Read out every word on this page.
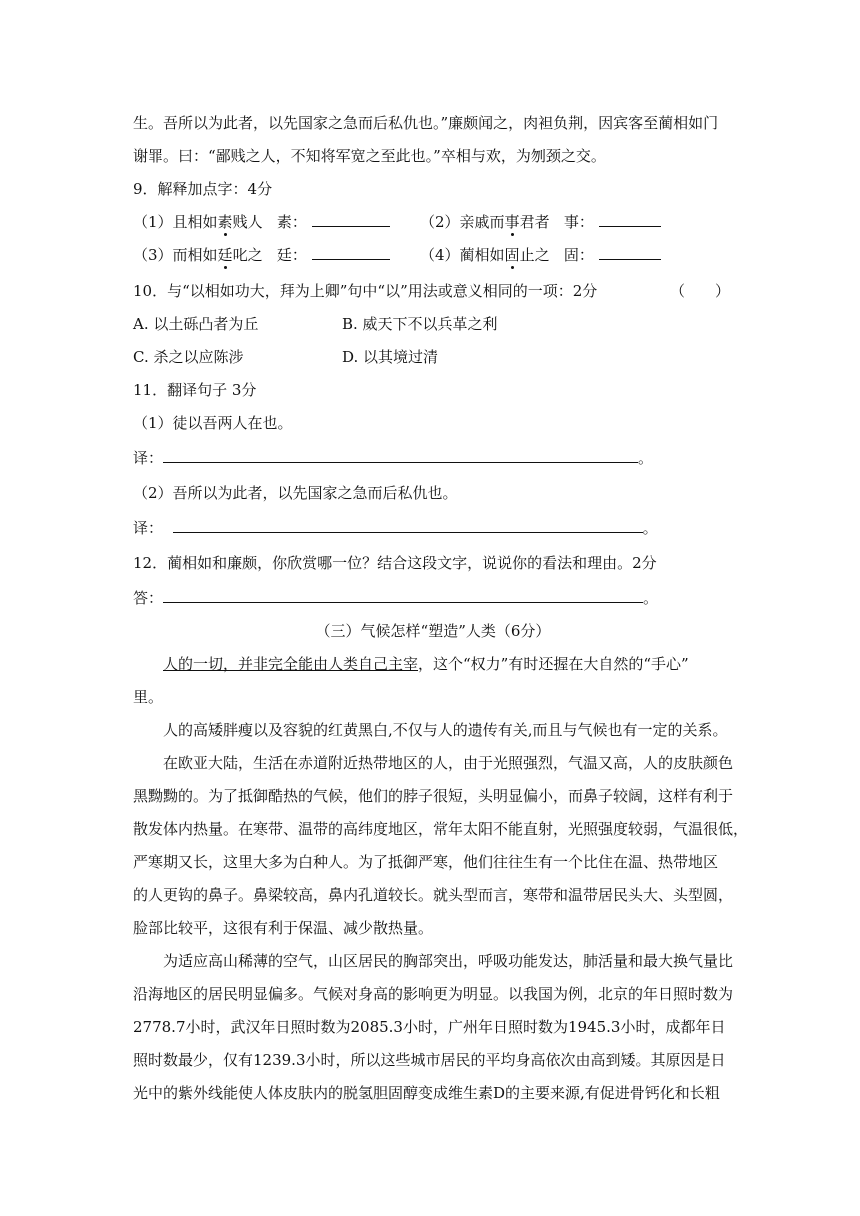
生。吾所以为此者，以先国家之急而后私仇也。”廉颇闻之，肉袒负荆，因宾客至蔺相如门
谢罪。曰：“鄙贱之人，不知将军宽之至此也。”卒相与欢，为刎颈之交。
9．解释加点字：4分
（1）且相如素贱人 素：	（2）亲戚而事君者 事：
（3）而相如廷叱之 廷：	（4）蔺相如固止之 固：
10．与“以相如功大，拜为上卿”句中“以”用法或意义相同的一项：2分	（　　）
A. 以土砾凸者为丘	B. 威天下不以兵革之利
C. 杀之以应陈涉	D. 以其境过清
11．翻译句子 3分
（1）徒以吾两人在也。
译：	。
（2）吾所以为此者，以先国家之急而后私仇也。
译：	。
12．蔺相如和廉颇，你欣赏哪一位？结合这段文字，说说你的看法和理由。2分
答：	。
（三）气候怎样“塑造”人类（6分）
人的一切，并非完全能由人类自己主宰，这个“权力”有时还握在大自然的“手心”
里。
人的高矮胖瘦以及容貌的红黄黑白,不仅与人的遗传有关,而且与气候也有一定的关系。
在欧亚大陆，生活在赤道附近热带地区的人，由于光照强烈，气温又高，人的皮肤颜色
黑黝黝的。为了抵御酷热的气候，他们的脖子很短，头明显偏小，而鼻子较阔，这样有利于
散发体内热量。在寒带、温带的高纬度地区，常年太阳不能直射，光照强度较弱，气温很低，
严寒期又长，这里大多为白种人。为了抵御严寒，他们往往生有一个比住在温、热带地区
的人更钩的鼻子。鼻梁较高，鼻内孔道较长。就头型而言，寒带和温带居民头大、头型圆，
脸部比较平，这很有利于保温、减少散热量。
为适应高山稀薄的空气，山区居民的胸部突出，呼吸功能发达，肺活量和最大换气量比
沿海地区的居民明显偏多。气候对身高的影响更为明显。以我国为例，北京的年日照时数为
2778.7小时，武汉年日照时数为2085.3小时，广州年日照时数为1945.3小时，成都年日
照时数最少，仅有1239.3小时，所以这些城市居民的平均身高依次由高到矮。其原因是日
光中的紫外线能使人体皮肤内的脱氢胆固醇变成维生素D的主要来源,有促进骨钙化和长粗
